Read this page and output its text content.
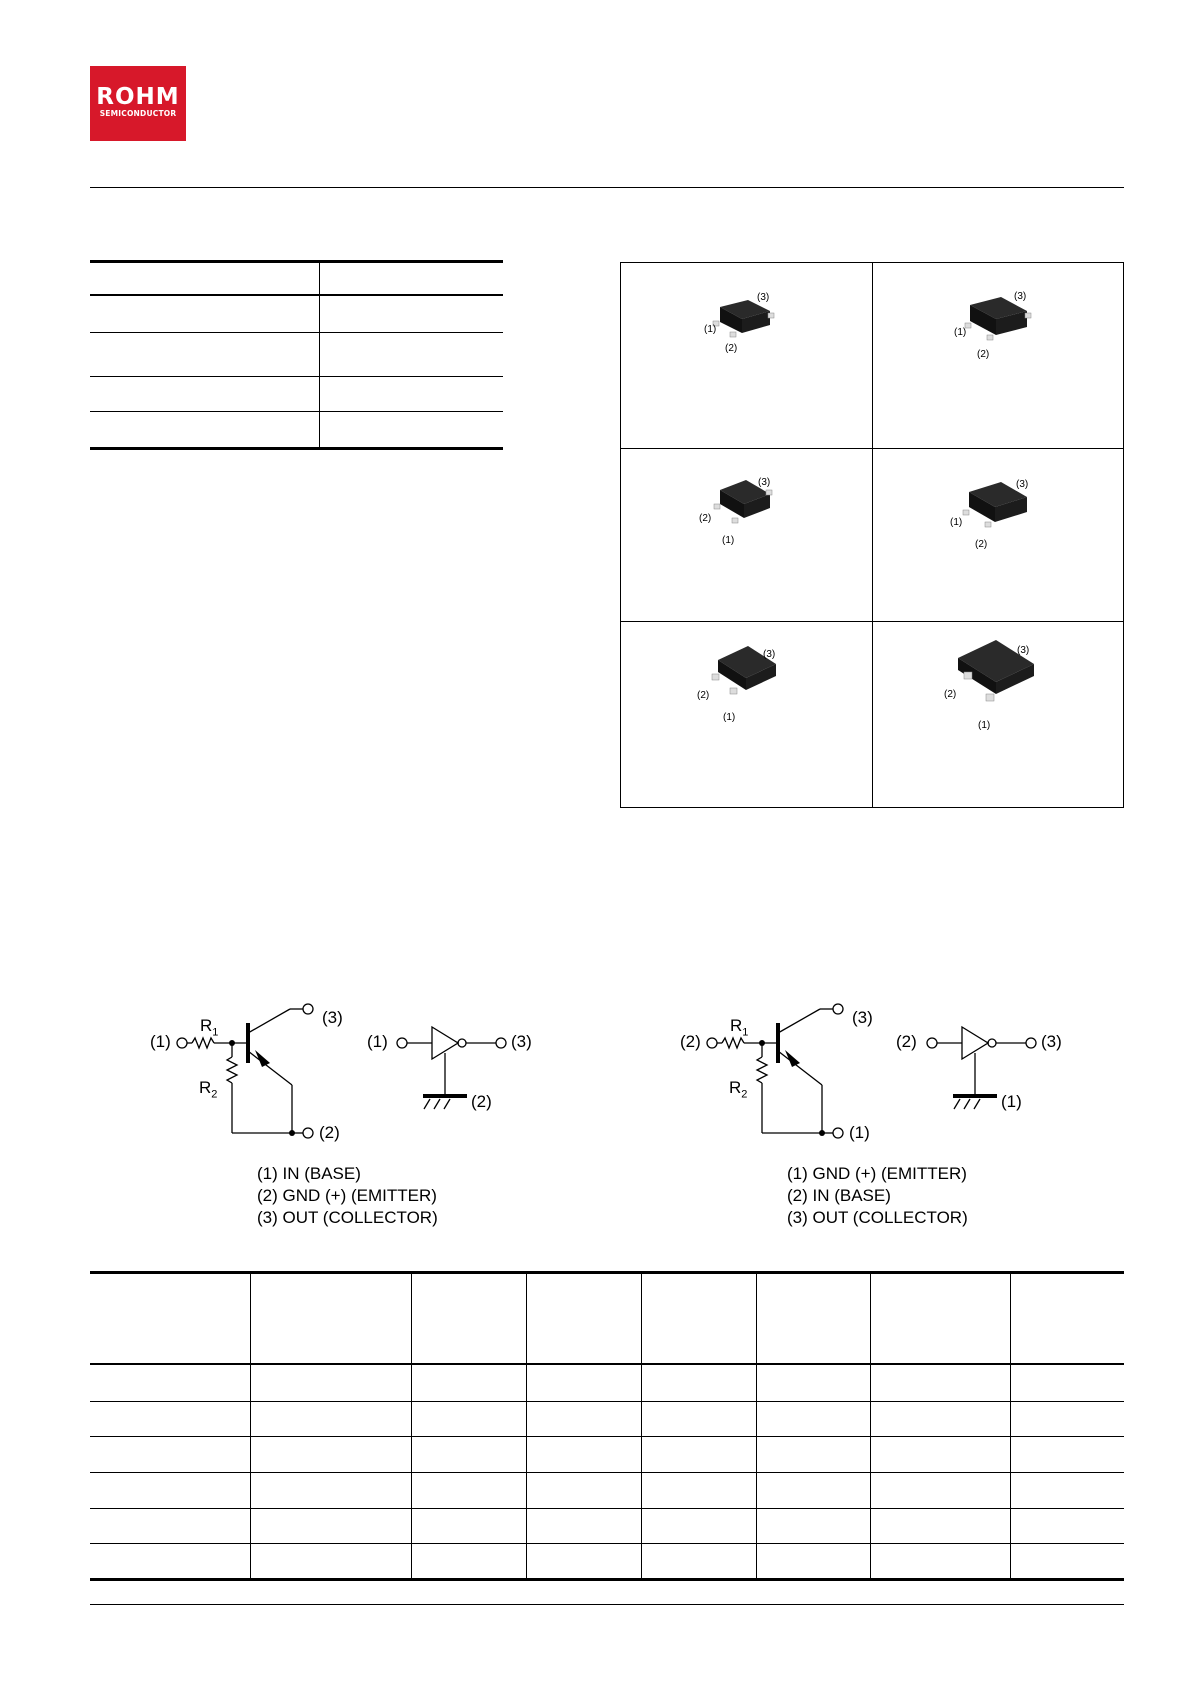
ROHM
SEMICONDUCTOR
(1)
(2)
(3)
(1)
(2)
(3)
(2)
(1)
(3)
(1)
(2)
(3)
(2)
(1)
(3)
(2)
(1)
(3)
(1)
(3)
(2)
$R_1$
$R_2$
(1)	(3)
(2)
(1) IN (BASE)
(2) GND (+) (EMITTER)
(3) OUT (COLLECTOR)
(2)
(3)
(1)
$R_1$
$R_2$
(2)	(3)
(1)
(1) GND (+) (EMITTER)
(2) IN (BASE)
(3) OUT (COLLECTOR)
